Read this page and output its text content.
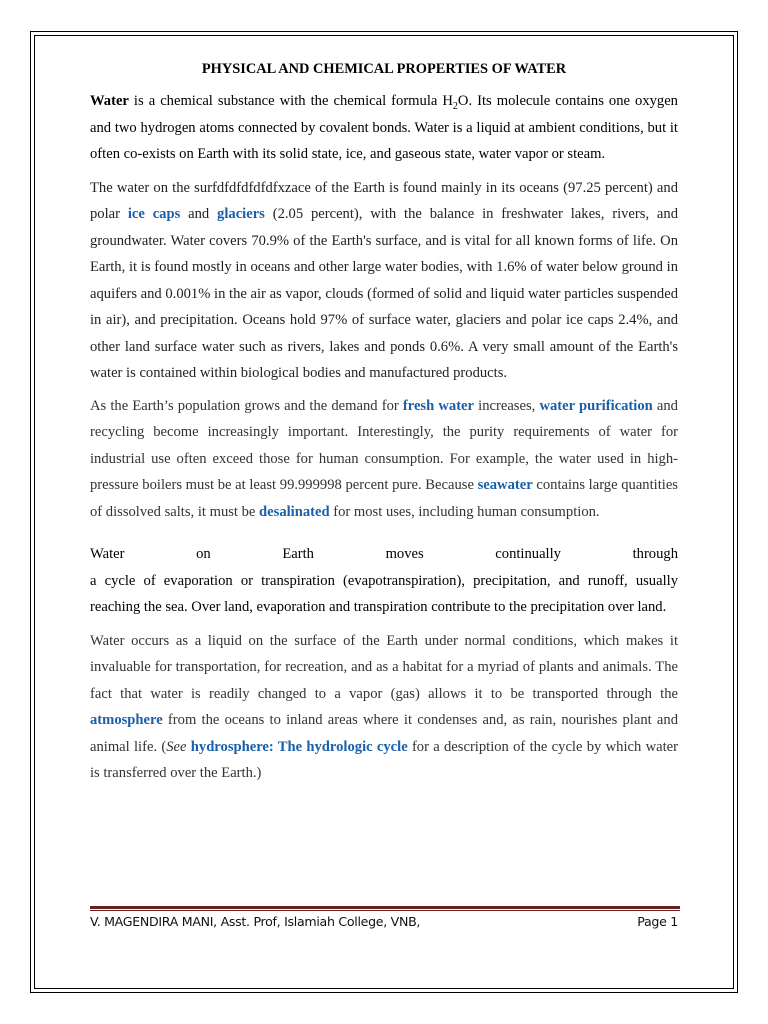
PHYSICAL AND CHEMICAL PROPERTIES OF WATER

Water is a chemical substance with the chemical formula $H_2O$. Its molecule contains one oxygen and two hydrogen atoms connected by covalent bonds. Water is a liquid at ambient conditions, but it often co-exists on Earth with its solid state, ice, and gaseous state, water vapor or steam.

The water on the surfdfdfdfdfdfxzace of the Earth is found mainly in its oceans (97.25 percent) and polar ice caps and glaciers (2.05 percent), with the balance in freshwater lakes, rivers, and groundwater. Water covers 70.9% of the Earth's surface, and is vital for all known forms of life. On Earth, it is found mostly in oceans and other large water bodies, with 1.6% of water below ground in aquifers and 0.001% in the air as vapor, clouds (formed of solid and liquid water particles suspended in air), and precipitation. Oceans hold 97% of surface water, glaciers and polar ice caps 2.4%, and other land surface water such as rivers, lakes and ponds 0.6%. A very small amount of the Earth's water is contained within biological bodies and manufactured products.

As the Earth’s population grows and the demand for fresh water increases, water purification and recycling become increasingly important. Interestingly, the purity requirements of water for industrial use often exceed those for human consumption. For example, the water used in high-pressure boilers must be at least 99.999998 percent pure. Because seawater contains large quantities of dissolved salts, it must be desalinated for most uses, including human consumption.

Water	on	Earth	moves	continually	through

a cycle of evaporation or transpiration (evapotranspiration), precipitation, and runoff, usually reaching the sea. Over land, evaporation and transpiration contribute to the precipitation over land.

Water occurs as a liquid on the surface of the Earth under normal conditions, which makes it invaluable for transportation, for recreation, and as a habitat for a myriad of plants and animals. The fact that water is readily changed to a vapor (gas) allows it to be transported through the atmosphere from the oceans to inland areas where it condenses and, as rain, nourishes plant and animal life. (See hydrosphere: The hydrologic cycle for a description of the cycle by which water is transferred over the Earth.)

V. MAGENDIRA MANI, Asst. Prof, Islamiah College, VNB,	Page 1
